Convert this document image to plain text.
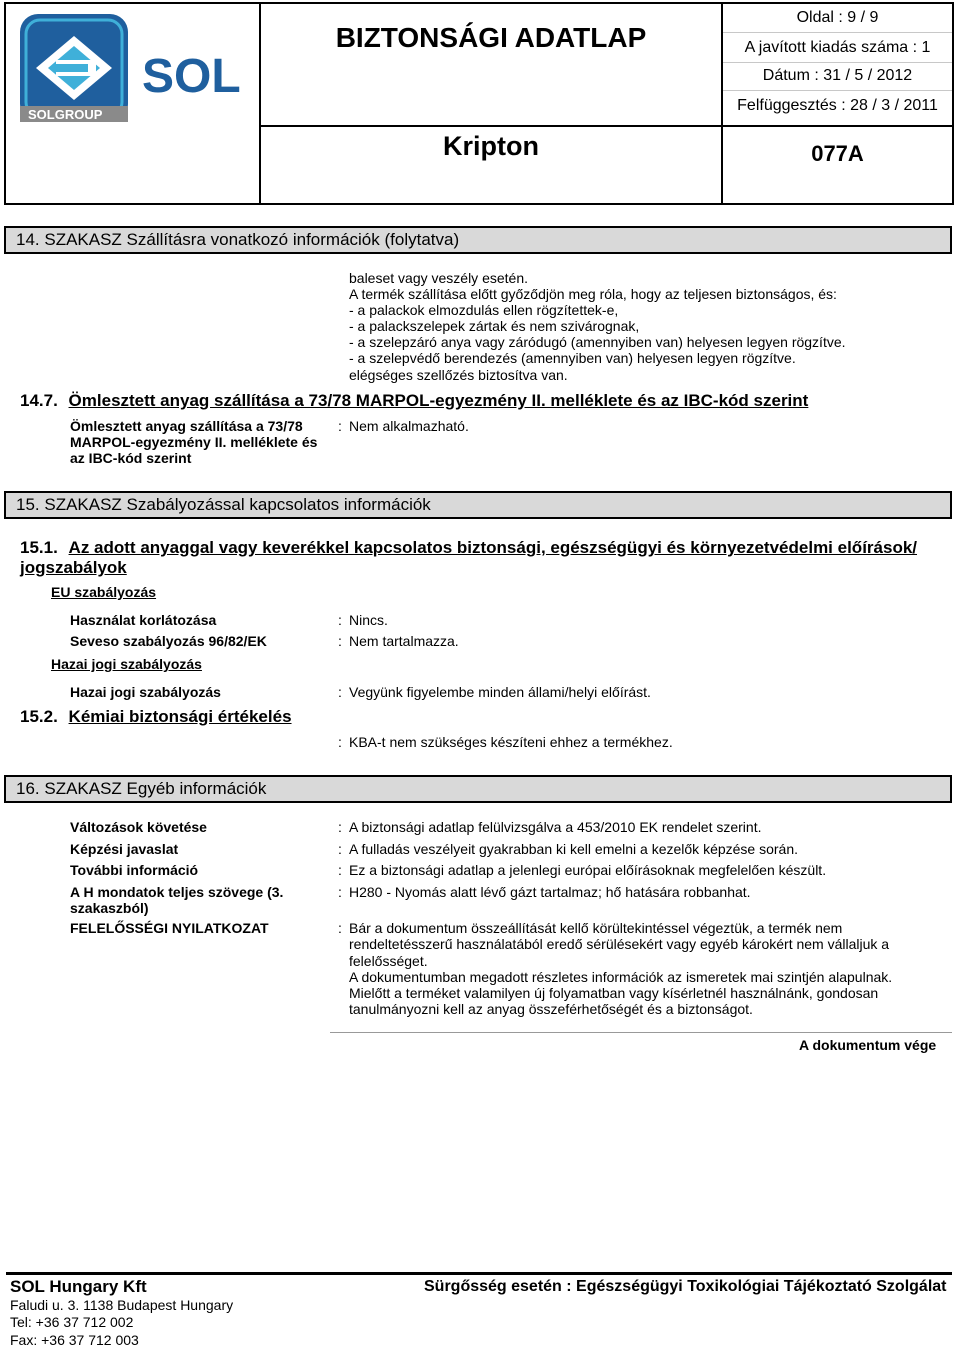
SOL
SOLGROUP
BIZTONSÁGI ADATLAP
Kripton
Oldal : 9 / 9
A javított kiadás száma : 1
Dátum : 31 / 5 / 2012
Felfüggesztés : 28 / 3 / 2011
077A
14. SZAKASZ Szállításra vonatkozó információk (folytatva)
baleset vagy veszély esetén.
A termék szállítása előtt győződjön meg róla, hogy az teljesen biztonságos, és:
- a palackok elmozdulás ellen rögzítettek-e,
- a palackszelepek zártak és nem szivárognak,
- a szelepzáró anya vagy záródugó (amennyiben van) helyesen legyen rögzítve.
- a szelepvédő berendezés (amennyiben van) helyesen legyen rögzítve.
elégséges szellőzés biztosítva van.
14.7. Ömlesztett anyag szállítása a 73/78 MARPOL-egyezmény II. melléklete és az IBC-kód szerint
Ömlesztett anyag szállítása a 73/78
MARPOL-egyezmény II. melléklete és
az IBC-kód szerint
: Nem alkalmazható.
15. SZAKASZ Szabályozással kapcsolatos információk
15.1. Az adott anyaggal vagy keverékkel kapcsolatos biztonsági, egészségügyi és környezetvédelmi előírások/
jogszabályok
EU szabályozás
Használat korlátozása	: Nincs.
Seveso szabályozás 96/82/EK	: Nem tartalmazza.
Hazai jogi szabályozás
Hazai jogi szabályozás	: Vegyünk figyelembe minden állami/helyi előírást.
15.2. Kémiai biztonsági értékelés
: KBA-t nem szükséges készíteni ehhez a termékhez.
16. SZAKASZ Egyéb információk
Változások követése	: A biztonsági adatlap felülvizsgálva a 453/2010 EK rendelet szerint.
Képzési javaslat	: A fulladás veszélyeit gyakrabban ki kell emelni a kezelők képzése során.
További információ	: Ez a biztonsági adatlap a jelenlegi európai előírásoknak megfelelően készült.
A H mondatok teljes szövege (3.
szakaszból)
: H280 - Nyomás alatt lévő gázt tartalmaz; hő hatására robbanhat.
FELELŐSSÉGI NYILATKOZAT	: Bár a dokumentum összeállítását kellő körültekintéssel végeztük, a termék nem
rendeltetésszerű használatából eredő sérülésekért vagy egyéb károkért nem vállaljuk a
felelősséget.
A dokumentumban megadott részletes információk az ismeretek mai szintjén alapulnak.
Mielőtt a terméket valamilyen új folyamatban vagy kísérletnél használnánk, gondosan
tanulmányozni kell az anyag összeférhetőségét és a biztonságot.
A dokumentum vége
SOL Hungary Kft	Sürgősség esetén : Egészségügyi Toxikológiai Tájékoztató Szolgálat
Faludi u. 3. 1138 Budapest Hungary
Tel: +36 37 712 002
Fax: +36 37 712 003
